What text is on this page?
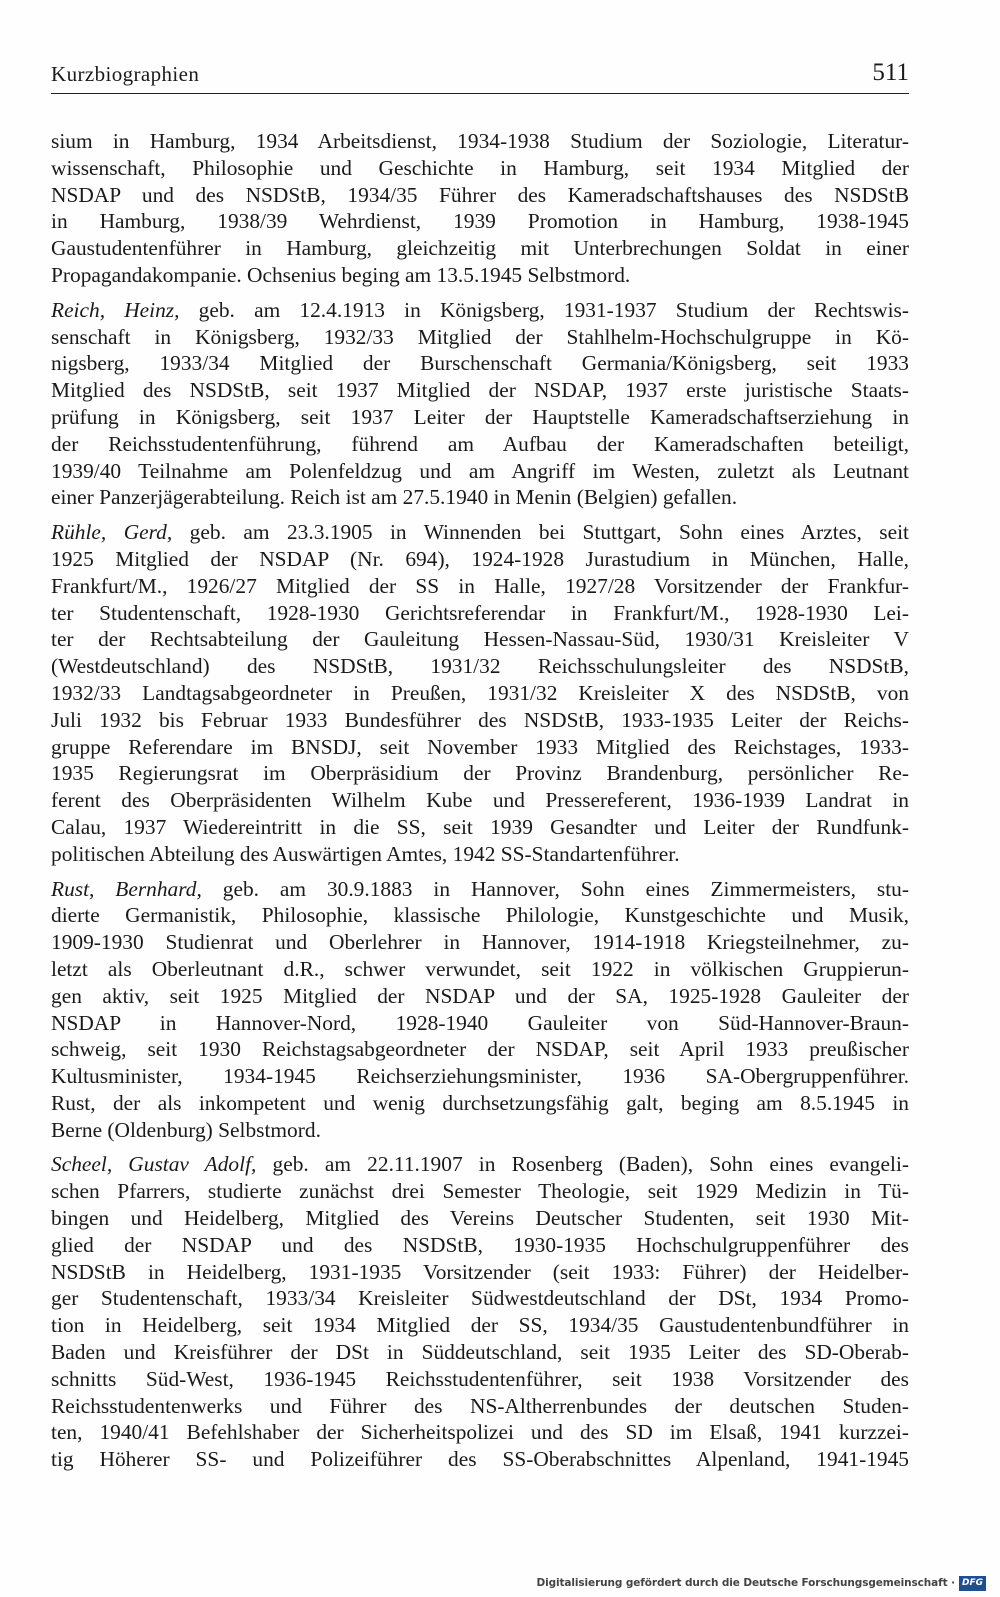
Kurzbiographien	511
sium in Hamburg, 1934 Arbeitsdienst, 1934-1938 Studium der Soziologie, Literatur-
wissenschaft, Philosophie und Geschichte in Hamburg, seit 1934 Mitglied der
NSDAP und des NSDStB, 1934/35 Führer des Kameradschaftshauses des NSDStB
in Hamburg, 1938/39 Wehrdienst, 1939 Promotion in Hamburg, 1938-1945
Gaustudentenführer in Hamburg, gleichzeitig mit Unterbrechungen Soldat in einer
Propagandakompanie. Ochsenius beging am 13.5.1945 Selbstmord.
Reich, Heinz, geb. am 12.4.1913 in Königsberg, 1931-1937 Studium der Rechtswis-
senschaft in Königsberg, 1932/33 Mitglied der Stahlhelm-Hochschulgruppe in Kö-
nigsberg, 1933/34 Mitglied der Burschenschaft Germania/Königsberg, seit 1933
Mitglied des NSDStB, seit 1937 Mitglied der NSDAP, 1937 erste juristische Staats-
prüfung in Königsberg, seit 1937 Leiter der Hauptstelle Kameradschaftserziehung in
der Reichsstudentenführung, führend am Aufbau der Kameradschaften beteiligt,
1939/40 Teilnahme am Polenfeldzug und am Angriff im Westen, zuletzt als Leutnant
einer Panzerjägerabteilung. Reich ist am 27.5.1940 in Menin (Belgien) gefallen.
Rühle, Gerd, geb. am 23.3.1905 in Winnenden bei Stuttgart, Sohn eines Arztes, seit
1925 Mitglied der NSDAP (Nr. 694), 1924-1928 Jurastudium in München, Halle,
Frankfurt/M., 1926/27 Mitglied der SS in Halle, 1927/28 Vorsitzender der Frankfur-
ter Studentenschaft, 1928-1930 Gerichtsreferendar in Frankfurt/M., 1928-1930 Lei-
ter der Rechtsabteilung der Gauleitung Hessen-Nassau-Süd, 1930/31 Kreisleiter V
(Westdeutschland) des NSDStB, 1931/32 Reichsschulungsleiter des NSDStB,
1932/33 Landtagsabgeordneter in Preußen, 1931/32 Kreisleiter X des NSDStB, von
Juli 1932 bis Februar 1933 Bundesführer des NSDStB, 1933-1935 Leiter der Reichs-
gruppe Referendare im BNSDJ, seit November 1933 Mitglied des Reichstages, 1933-
1935 Regierungsrat im Oberpräsidium der Provinz Brandenburg, persönlicher Re-
ferent des Oberpräsidenten Wilhelm Kube und Pressereferent, 1936-1939 Landrat in
Calau, 1937 Wiedereintritt in die SS, seit 1939 Gesandter und Leiter der Rundfunk-
politischen Abteilung des Auswärtigen Amtes, 1942 SS-Standartenführer.
Rust, Bernhard, geb. am 30.9.1883 in Hannover, Sohn eines Zimmermeisters, stu-
dierte Germanistik, Philosophie, klassische Philologie, Kunstgeschichte und Musik,
1909-1930 Studienrat und Oberlehrer in Hannover, 1914-1918 Kriegsteilnehmer, zu-
letzt als Oberleutnant d.R., schwer verwundet, seit 1922 in völkischen Gruppierun-
gen aktiv, seit 1925 Mitglied der NSDAP und der SA, 1925-1928 Gauleiter der
NSDAP in Hannover-Nord, 1928-1940 Gauleiter von Süd-Hannover-Braun-
schweig, seit 1930 Reichstagsabgeordneter der NSDAP, seit April 1933 preußischer
Kultusminister, 1934-1945 Reichserziehungsminister, 1936 SA-Obergruppenführer.
Rust, der als inkompetent und wenig durchsetzungsfähig galt, beging am 8.5.1945 in
Berne (Oldenburg) Selbstmord.
Scheel, Gustav Adolf, geb. am 22.11.1907 in Rosenberg (Baden), Sohn eines evangeli-
schen Pfarrers, studierte zunächst drei Semester Theologie, seit 1929 Medizin in Tü-
bingen und Heidelberg, Mitglied des Vereins Deutscher Studenten, seit 1930 Mit-
glied der NSDAP und des NSDStB, 1930-1935 Hochschulgruppenführer des
NSDStB in Heidelberg, 1931-1935 Vorsitzender (seit 1933: Führer) der Heidelber-
ger Studentenschaft, 1933/34 Kreisleiter Südwestdeutschland der DSt, 1934 Promo-
tion in Heidelberg, seit 1934 Mitglied der SS, 1934/35 Gaustudentenbundführer in
Baden und Kreisführer der DSt in Süddeutschland, seit 1935 Leiter des SD-Oberab-
schnitts Süd-West, 1936-1945 Reichsstudentenführer, seit 1938 Vorsitzender des
Reichsstudentenwerks und Führer des NS-Altherrenbundes der deutschen Studen-
ten, 1940/41 Befehlshaber der Sicherheitspolizei und des SD im Elsaß, 1941 kurzzei-
tig Höherer SS- und Polizeiführer des SS-Oberabschnittes Alpenland, 1941-1945
Digitalisierung gefördert durch die Deutsche Forschungsgemeinschaft · DFG
